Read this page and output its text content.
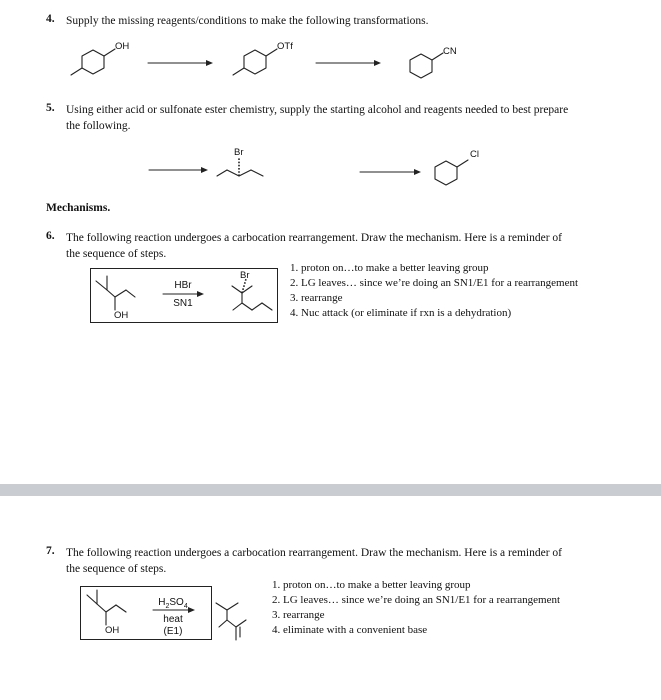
4. Supply the missing reagents/conditions to make the following transformations.
OH	OTf	CN
5. Using either acid or sulfonate ester chemistry, supply the starting alcohol and reagents needed to best prepare
the following.
Br	Cl
Mechanisms.
6. The following reaction undergoes a carbocation rearrangement. Draw the mechanism. Here is a reminder of
the sequence of steps.
HBr
SN1
OH
Br
1. proton on…to make a better leaving group
2. LG leaves… since we’re doing an SN1/E1 for a rearrangement
3. rearrange
4. Nuc attack (or eliminate if rxn is a dehydration)
7. The following reaction undergoes a carbocation rearrangement. Draw the mechanism. Here is a reminder of
the sequence of steps.
$H_2SO_4$
heat
(E1)
OH
1. proton on…to make a better leaving group
2. LG leaves… since we’re doing an SN1/E1 for a rearrangement
3. rearrange
4. eliminate with a convenient base
